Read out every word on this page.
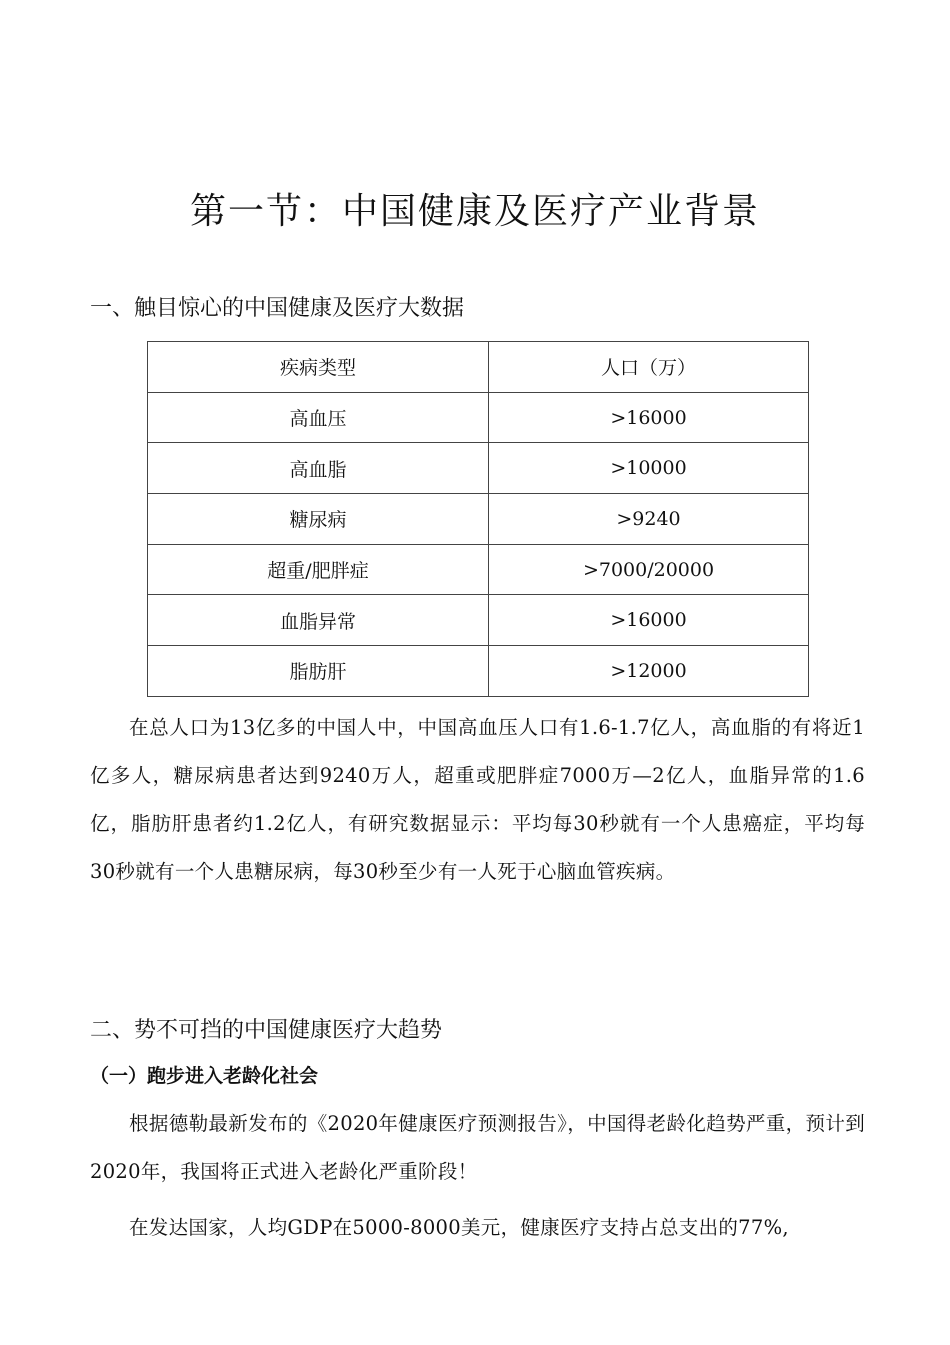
第一节：中国健康及医疗产业背景
一、触目惊心的中国健康及医疗大数据
疾病类型	人口（万）
高血压	>16000
高血脂	>10000
糖尿病	>9240
超重/肥胖症	>7000/20000
血脂异常	>16000
脂肪肝	>12000

在总人口为13亿多的中国人中，中国高血压人口有1.6-1.7亿人，高血脂的有将近1亿多人，糖尿病患者达到9240万人，超重或肥胖症7000万—2亿人，血脂异常的1.6亿，脂肪肝患者约1.2亿人，有研究数据显示：平均每30秒就有一个人患癌症，平均每30秒就有一个人患糖尿病，每30秒至少有一人死于心脑血管疾病。

二、势不可挡的中国健康医疗大趋势
（一）跑步进入老龄化社会

根据德勒最新发布的《2020年健康医疗预测报告》，中国得老龄化趋势严重，预计到2020年，我国将正式进入老龄化严重阶段！

在发达国家，人均GDP在5000-8000美元，健康医疗支持占总支出的77%,
